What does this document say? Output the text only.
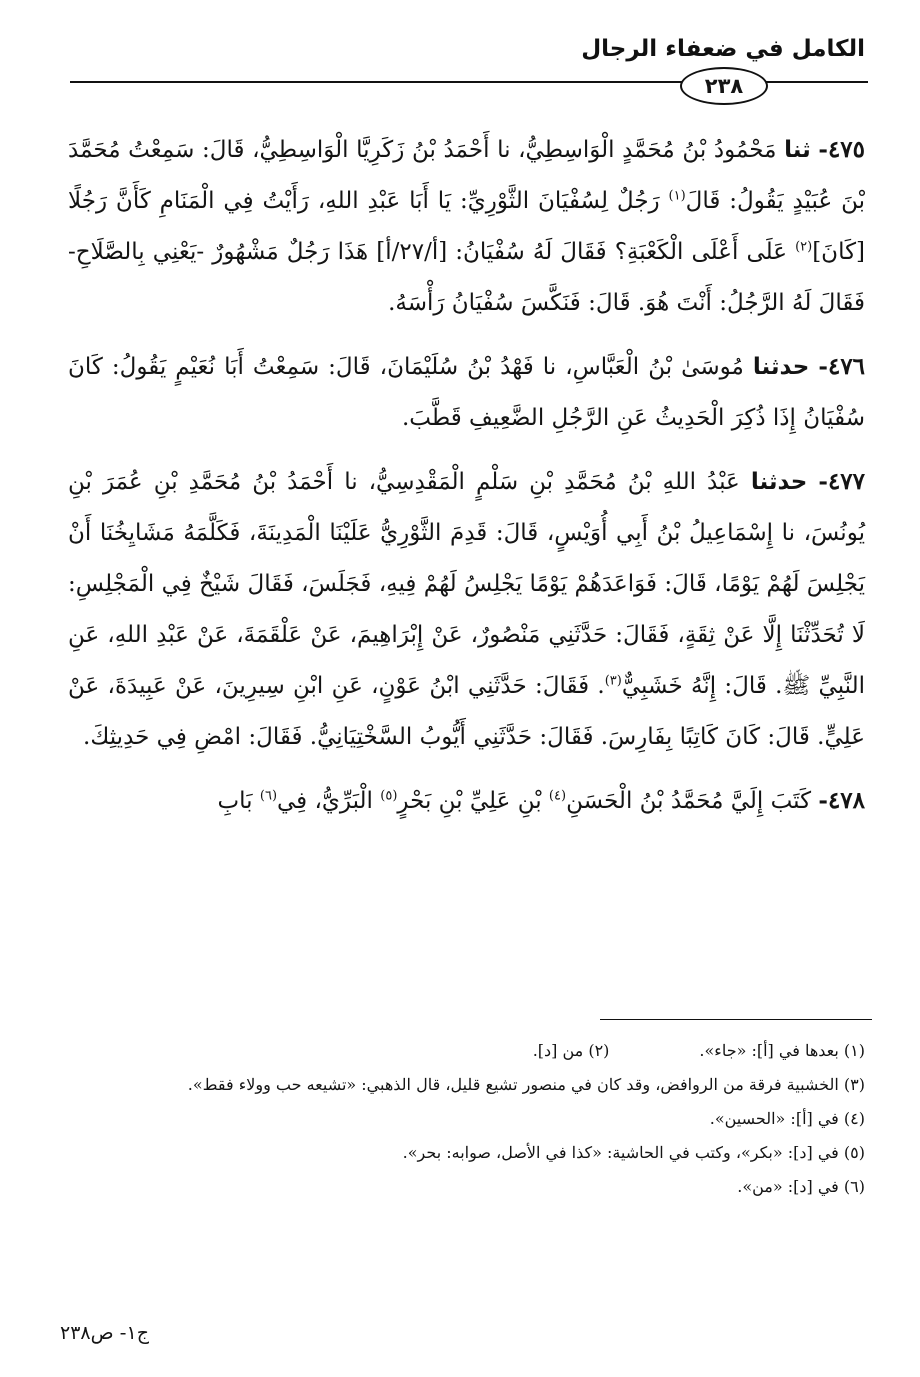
الكامل في ضعفاء الرجال
٢٣٨

٤٧٥- ثنا مَحْمُودُ بْنُ مُحَمَّدٍ الْوَاسِطِيُّ، نا أَحْمَدُ بْنُ زَكَرِيَّا الْوَاسِطِيُّ، قَالَ: سَمِعْتُ مُحَمَّدَ بْنَ عُبَيْدٍ يَقُولُ: قَالَ$^{(١)}$ رَجُلٌ لِسُفْيَانَ الثَّوْرِيِّ: يَا أَبَا عَبْدِ اللهِ، رَأَيْتُ فِي الْمَنَامِ كَأَنَّ رَجُلًا [كَانَ]$^{(٢)}$ عَلَى أَعْلَى الْكَعْبَةِ؟ فَقَالَ لَهُ سُفْيَانُ: [أ/٢٧/أ] هَذَا رَجُلٌ مَشْهُورٌ -يَعْنِي بِالصَّلَاحِ- فَقَالَ لَهُ الرَّجُلُ: أَنْتَ هُوَ. قَالَ: فَنَكَّسَ سُفْيَانُ رَأْسَهُ.

٤٧٦- حدثنا مُوسَىٰ بْنُ الْعَبَّاسِ، نا فَهْدُ بْنُ سُلَيْمَانَ، قَالَ: سَمِعْتُ أَبَا نُعَيْمٍ يَقُولُ: كَانَ سُفْيَانُ إِذَا ذُكِرَ الْحَدِيثُ عَنِ الرَّجُلِ الضَّعِيفِ قَطَّبَ.

٤٧٧- حدثنا عَبْدُ اللهِ بْنُ مُحَمَّدِ بْنِ سَلْمٍ الْمَقْدِسِيُّ، نا أَحْمَدُ بْنُ مُحَمَّدِ بْنِ عُمَرَ بْنِ يُونُسَ، نا إِسْمَاعِيلُ بْنُ أَبِي أُوَيْسٍ، قَالَ: قَدِمَ الثَّوْرِيُّ عَلَيْنَا الْمَدِينَةَ، فَكَلَّمَهُ مَشَايِخُنَا أَنْ يَجْلِسَ لَهُمْ يَوْمًا، قَالَ: فَوَاعَدَهُمْ يَوْمًا يَجْلِسُ لَهُمْ فِيهِ، فَجَلَسَ، فَقَالَ شَيْخٌ فِي الْمَجْلِسِ: لَا تُحَدِّثْنَا إِلَّا عَنْ ثِقَةٍ، فَقَالَ: حَدَّثَنِي مَنْصُورٌ، عَنْ إِبْرَاهِيمَ، عَنْ عَلْقَمَةَ، عَنْ عَبْدِ اللهِ، عَنِ النَّبِيِّ ﷺ. قَالَ: إِنَّهُ خَشَبِيٌّ$^{(٣)}$. فَقَالَ: حَدَّثَنِي ابْنُ عَوْنٍ، عَنِ ابْنِ سِيرِينَ، عَنْ عَبِيدَةَ، عَنْ عَلِيٍّ. قَالَ: كَانَ كَاتِبًا بِفَارِسَ. فَقَالَ: حَدَّثَنِي أَيُّوبُ السَّخْتِيَانِيُّ. فَقَالَ: امْضِ فِي حَدِيثِكَ.

٤٧٨- كَتَبَ إِلَيَّ مُحَمَّدُ بْنُ الْحَسَنِ$^{(٤)}$ بْنِ عَلِيِّ بْنِ بَحْرٍ$^{(٥)}$ الْبَرِّيُّ، فِي$^{(٦)}$ بَابِ

(١) بعدها في [أ]: «جاء».
(٢) من [د].
(٣) الخشبية فرقة من الروافض، وقد كان في منصور تشيع قليل، قال الذهبي: «تشيعه حب وولاء فقط».
(٤) في [أ]: «الحسين».
(٥) في [د]: «بكر»، وكتب في الحاشية: «كذا في الأصل، صوابه: بحر».
(٦) في [د]: «من».
ج١- ص٢٣٨
